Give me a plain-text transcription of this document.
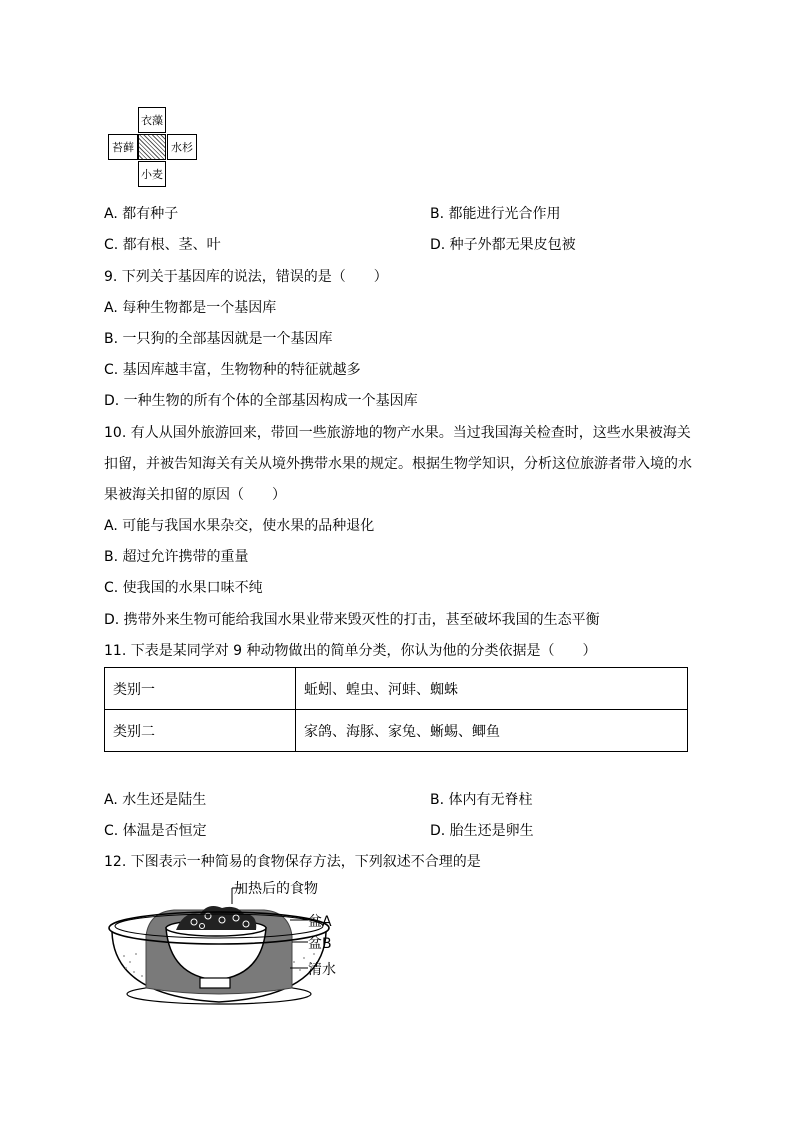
衣藻
苔藓	水杉
小麦
A. 都有种子	B. 都能进行光合作用
C. 都有根、茎、叶	D. 种子外都无果皮包被
9. 下列关于基因库的说法，错误的是（　　）
A. 每种生物都是一个基因库
B. 一只狗的全部基因就是一个基因库
C. 基因库越丰富，生物物种的特征就越多
D. 一种生物的所有个体的全部基因构成一个基因库
10. 有人从国外旅游回来，带回一些旅游地的物产水果。当过我国海关检查时，这些水果被海关
扣留，并被告知海关有关从境外携带水果的规定。根据生物学知识，分析这位旅游者带入境的水
果被海关扣留的原因（　　）
A. 可能与我国水果杂交，使水果的品种退化
B. 超过允许携带的重量
C. 使我国的水果口味不纯
D. 携带外来生物可能给我国水果业带来毁灭性的打击，甚至破坏我国的生态平衡
11. 下表是某同学对 9 种动物做出的简单分类，你认为他的分类依据是（　　）
类别一	蚯蚓、蝗虫、河蚌、蜘蛛
类别二	家鸽、海豚、家兔、蜥蜴、鲫鱼
A. 水生还是陆生	B. 体内有无脊柱
C. 体温是否恒定	D. 胎生还是卵生
12. 下图表示一种简易的食物保存方法，下列叙述不合理的是
加热后的食物
盆A
盆B
清水
